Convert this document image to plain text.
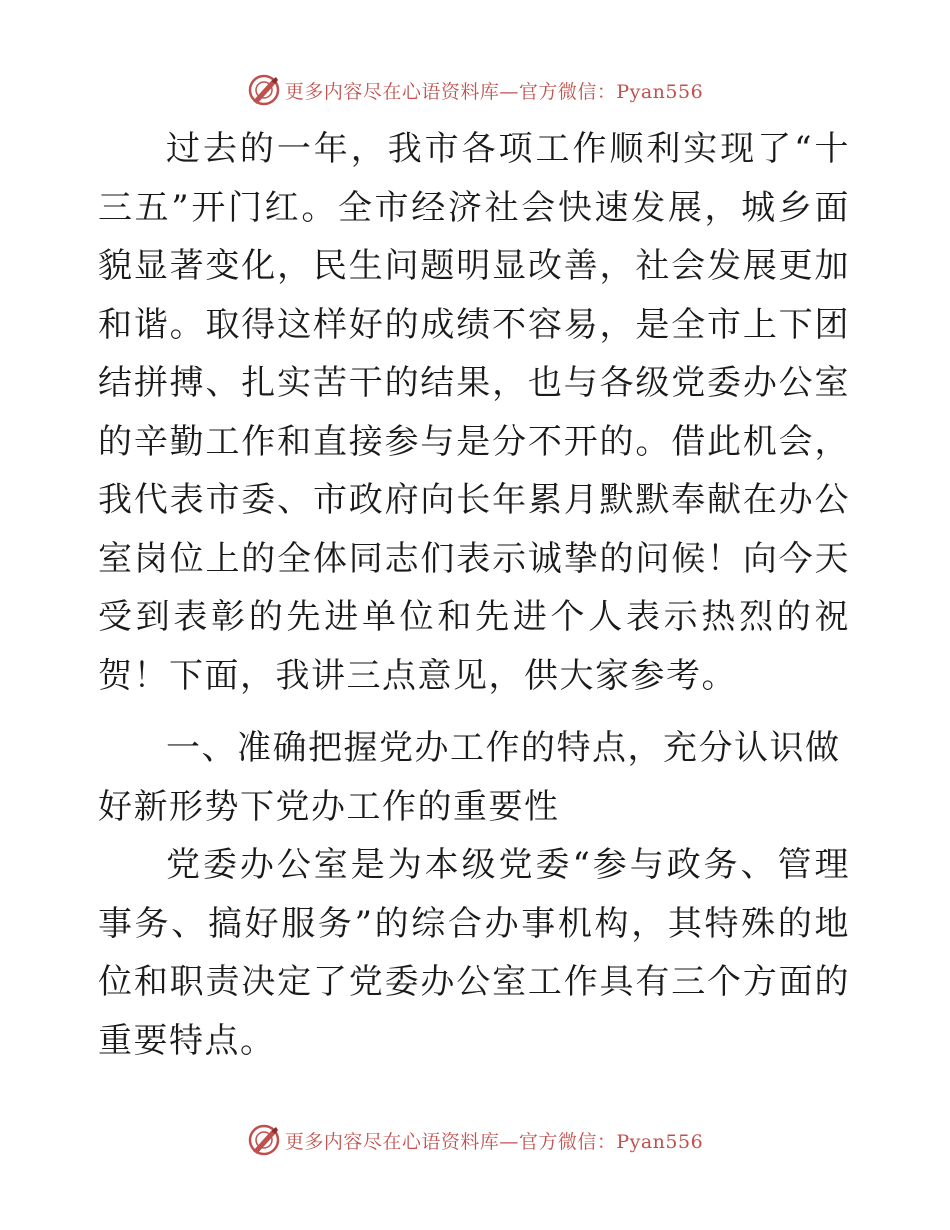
更多内容尽在心语资料库—官方微信：Pyan556

过去的一年，我市各项工作顺利实现了“十三五”开门红。全市经济社会快速发展，城乡面貌显著变化，民生问题明显改善，社会发展更加和谐。取得这样好的成绩不容易，是全市上下团结拼搏、扎实苦干的结果，也与各级党委办公室的辛勤工作和直接参与是分不开的。借此机会，我代表市委、市政府向长年累月默默奉献在办公室岗位上的全体同志们表示诚挚的问候！向今天受到表彰的先进单位和先进个人表示热烈的祝贺！下面，我讲三点意见，供大家参考。

一、准确把握党办工作的特点，充分认识做好新形势下党办工作的重要性

党委办公室是为本级党委“参与政务、管理事务、搞好服务”的综合办事机构，其特殊的地位和职责决定了党委办公室工作具有三个方面的重要特点。

更多内容尽在心语资料库—官方微信：Pyan556
